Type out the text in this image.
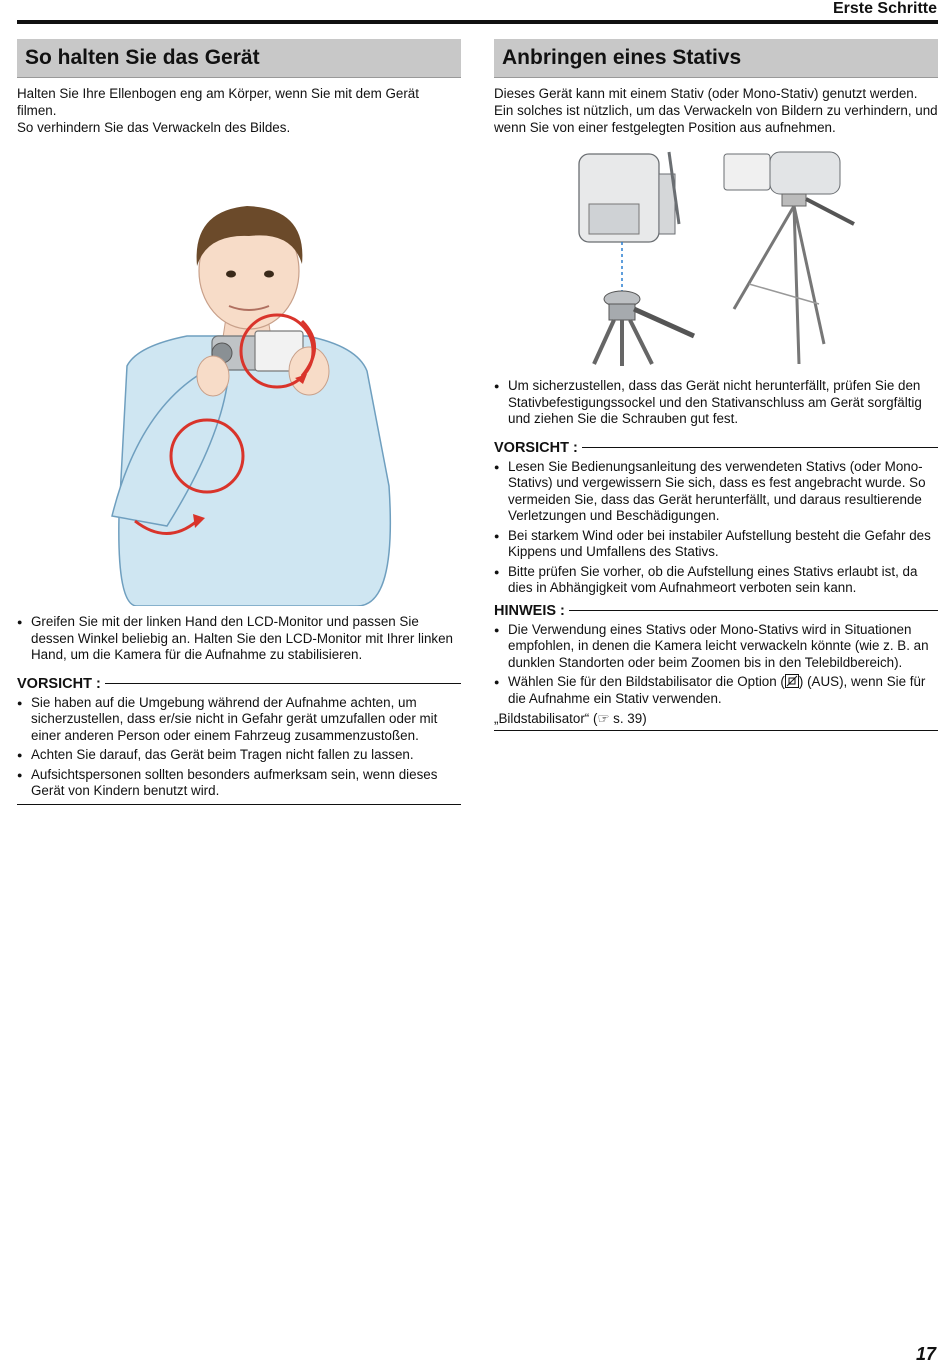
Erste Schritte
So halten Sie das Gerät

Halten Sie Ihre Ellenbogen eng am Körper, wenn Sie mit dem Gerät filmen.
So verhindern Sie das Verwackeln des Bildes.

● Greifen Sie mit der linken Hand den LCD-Monitor und passen Sie dessen Winkel beliebig an. Halten Sie den LCD-Monitor mit Ihrer linken Hand, um die Kamera für die Aufnahme zu stabilisieren.
VORSICHT :
● Sie haben auf die Umgebung während der Aufnahme achten, um sicherzustellen, dass er/sie nicht in Gefahr gerät umzufallen oder mit einer anderen Person oder einem Fahrzeug zusammenzustoßen.
● Achten Sie darauf, das Gerät beim Tragen nicht fallen zu lassen.
● Aufsichtspersonen sollten besonders aufmerksam sein, wenn dieses Gerät von Kindern benutzt wird.
Anbringen eines Stativs

Dieses Gerät kann mit einem Stativ (oder Mono-Stativ) genutzt werden. Ein solches ist nützlich, um das Verwackeln von Bildern zu verhindern, und wenn Sie von einer festgelegten Position aus aufnehmen.

● Um sicherzustellen, dass das Gerät nicht herunterfällt, prüfen Sie den Stativbefestigungssockel und den Stativanschluss am Gerät sorgfältig und ziehen Sie die Schrauben gut fest.
VORSICHT :
● Lesen Sie Bedienungsanleitung des verwendeten Stativs (oder Mono-Stativs) und vergewissern Sie sich, dass es fest angebracht wurde. So vermeiden Sie, dass das Gerät herunterfällt, und daraus resultierende Verletzungen und Beschädigungen.
● Bei starkem Wind oder bei instabiler Aufstellung besteht die Gefahr des Kippens und Umfallens des Stativs.
● Bitte prüfen Sie vorher, ob die Aufstellung eines Stativs erlaubt ist, da dies in Abhängigkeit vom Aufnahmeort verboten sein kann.
HINWEIS :
● Die Verwendung eines Stativs oder Mono-Stativs wird in Situationen empfohlen, in denen die Kamera leicht verwackeln könnte (wie z. B. an dunklen Standorten oder beim Zoomen bis in den Telebildbereich).
● Wählen Sie für den Bildstabilisator die Option ( ) (AUS), wenn Sie für die Aufnahme ein Stativ verwenden.
„Bildstabilisator“ (☞ s. 39)
17
